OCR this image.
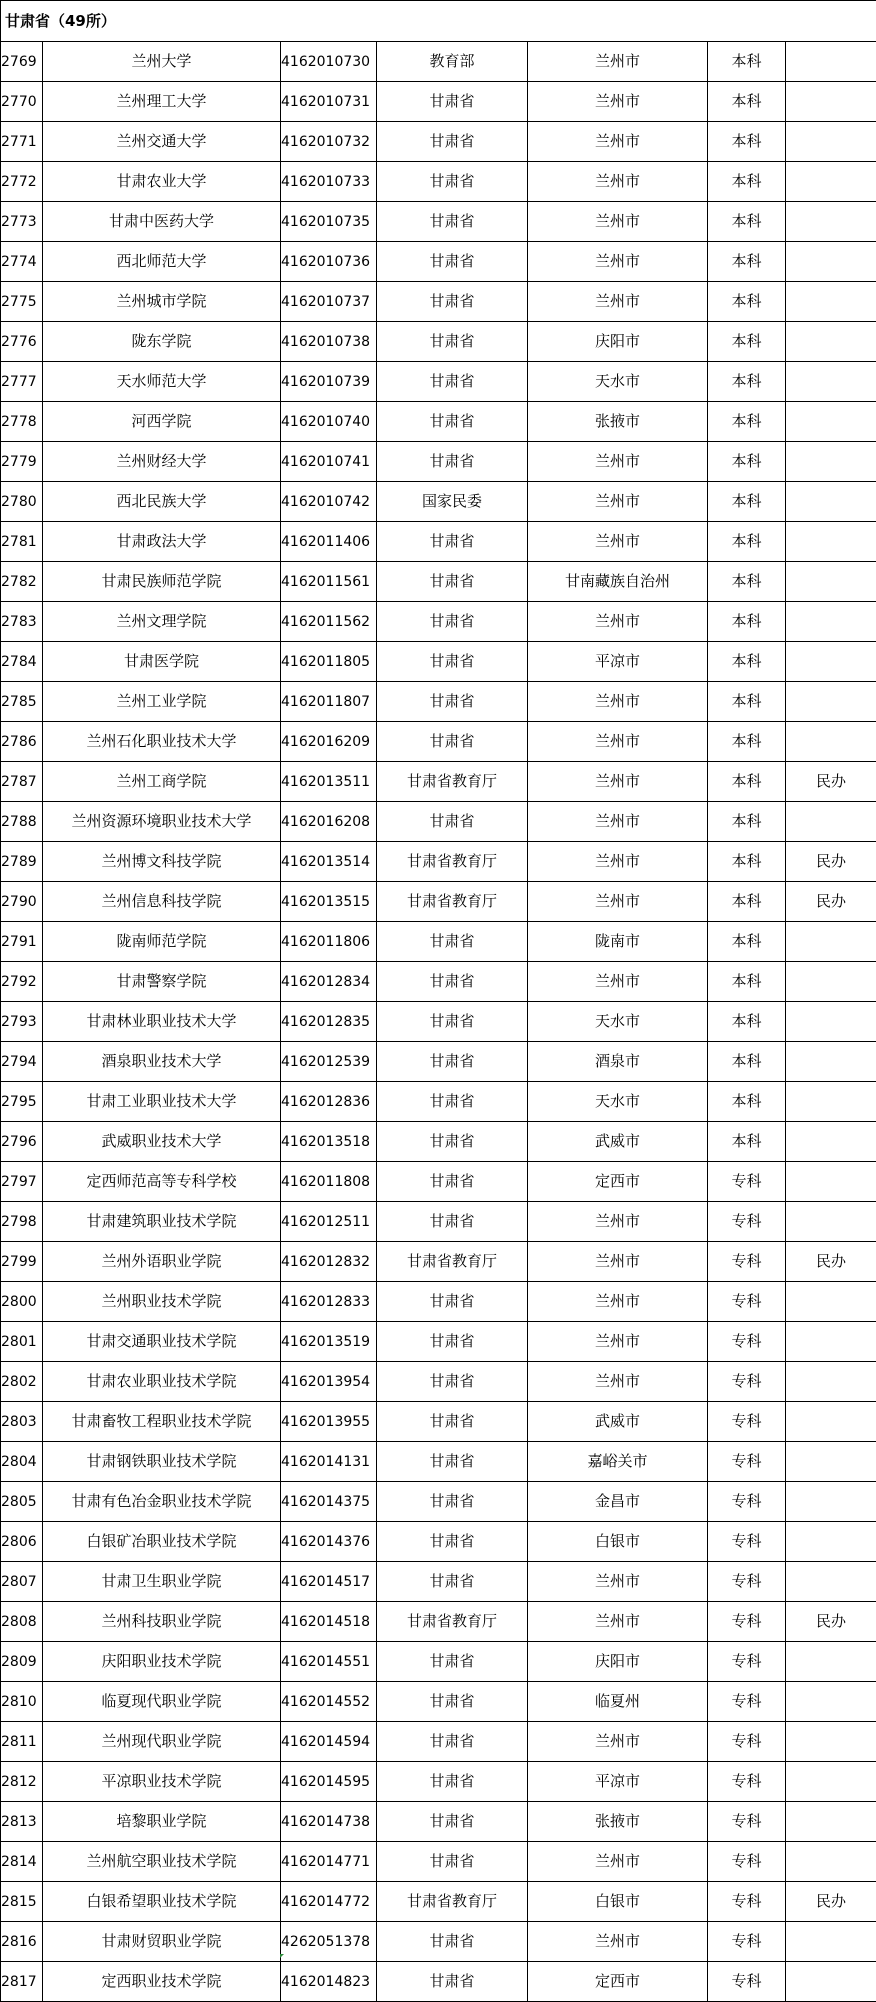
甘肃省（49所）						
2769	兰州大学	4162010730	教育部	兰州市	本科	
2770	兰州理工大学	4162010731	甘肃省	兰州市	本科	
2771	兰州交通大学	4162010732	甘肃省	兰州市	本科	
2772	甘肃农业大学	4162010733	甘肃省	兰州市	本科	
2773	甘肃中医药大学	4162010735	甘肃省	兰州市	本科	
2774	西北师范大学	4162010736	甘肃省	兰州市	本科	
2775	兰州城市学院	4162010737	甘肃省	兰州市	本科	
2776	陇东学院	4162010738	甘肃省	庆阳市	本科	
2777	天水师范大学	4162010739	甘肃省	天水市	本科	
2778	河西学院	4162010740	甘肃省	张掖市	本科	
2779	兰州财经大学	4162010741	甘肃省	兰州市	本科	
2780	西北民族大学	4162010742	国家民委	兰州市	本科	
2781	甘肃政法大学	4162011406	甘肃省	兰州市	本科	
2782	甘肃民族师范学院	4162011561	甘肃省	甘南藏族自治州	本科	
2783	兰州文理学院	4162011562	甘肃省	兰州市	本科	
2784	甘肃医学院	4162011805	甘肃省	平凉市	本科	
2785	兰州工业学院	4162011807	甘肃省	兰州市	本科	
2786	兰州石化职业技术大学	4162016209	甘肃省	兰州市	本科	
2787	兰州工商学院	4162013511	甘肃省教育厅	兰州市	本科	民办
2788	兰州资源环境职业技术大学	4162016208	甘肃省	兰州市	本科	
2789	兰州博文科技学院	4162013514	甘肃省教育厅	兰州市	本科	民办
2790	兰州信息科技学院	4162013515	甘肃省教育厅	兰州市	本科	民办
2791	陇南师范学院	4162011806	甘肃省	陇南市	本科	
2792	甘肃警察学院	4162012834	甘肃省	兰州市	本科	
2793	甘肃林业职业技术大学	4162012835	甘肃省	天水市	本科	
2794	酒泉职业技术大学	4162012539	甘肃省	酒泉市	本科	
2795	甘肃工业职业技术大学	4162012836	甘肃省	天水市	本科	
2796	武威职业技术大学	4162013518	甘肃省	武威市	本科	
2797	定西师范高等专科学校	4162011808	甘肃省	定西市	专科	
2798	甘肃建筑职业技术学院	4162012511	甘肃省	兰州市	专科	
2799	兰州外语职业学院	4162012832	甘肃省教育厅	兰州市	专科	民办
2800	兰州职业技术学院	4162012833	甘肃省	兰州市	专科	
2801	甘肃交通职业技术学院	4162013519	甘肃省	兰州市	专科	
2802	甘肃农业职业技术学院	4162013954	甘肃省	兰州市	专科	
2803	甘肃畜牧工程职业技术学院	4162013955	甘肃省	武威市	专科	
2804	甘肃钢铁职业技术学院	4162014131	甘肃省	嘉峪关市	专科	
2805	甘肃有色冶金职业技术学院	4162014375	甘肃省	金昌市	专科	
2806	白银矿冶职业技术学院	4162014376	甘肃省	白银市	专科	
2807	甘肃卫生职业学院	4162014517	甘肃省	兰州市	专科	
2808	兰州科技职业学院	4162014518	甘肃省教育厅	兰州市	专科	民办
2809	庆阳职业技术学院	4162014551	甘肃省	庆阳市	专科	
2810	临夏现代职业学院	4162014552	甘肃省	临夏州	专科	
2811	兰州现代职业学院	4162014594	甘肃省	兰州市	专科	
2812	平凉职业技术学院	4162014595	甘肃省	平凉市	专科	
2813	培黎职业学院	4162014738	甘肃省	张掖市	专科	
2814	兰州航空职业技术学院	4162014771	甘肃省	兰州市	专科	
2815	白银希望职业技术学院	4162014772	甘肃省教育厅	白银市	专科	民办
2816	甘肃财贸职业学院	4262051378	甘肃省	兰州市	专科	
2817	定西职业技术学院	4162014823	甘肃省	定西市	专科	
